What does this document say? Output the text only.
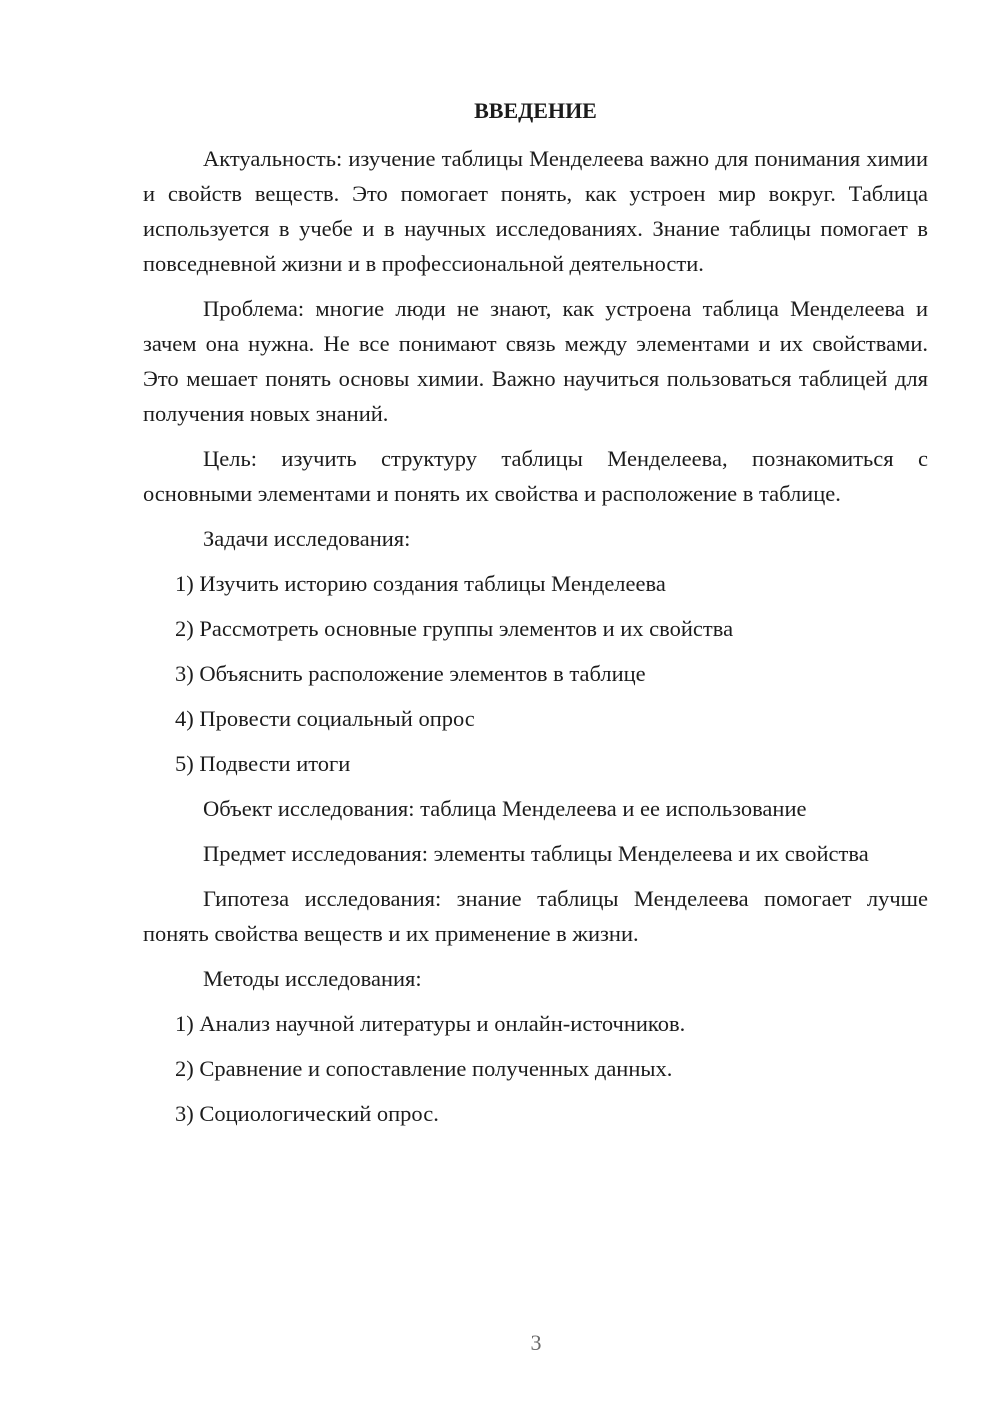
ВВЕДЕНИЕ

Актуальность: изучение таблицы Менделеева важно для понимания химии и свойств веществ. Это помогает понять, как устроен мир вокруг. Таблица используется в учебе и в научных исследованиях. Знание таблицы помогает в повседневной жизни и в профессиональной деятельности.

Проблема: многие люди не знают, как устроена таблица Менделеева и зачем она нужна. Не все понимают связь между элементами и их свойствами. Это мешает понять основы химии. Важно научиться пользоваться таблицей для получения новых знаний.

Цель: изучить структуру таблицы Менделеева, познакомиться с основными элементами и понять их свойства и расположение в таблице.

Задачи исследования:
1) Изучить историю создания таблицы Менделеева
2) Рассмотреть основные группы элементов и их свойства
3) Объяснить расположение элементов в таблице
4) Провести социальный опрос
5) Подвести итоги
Объект исследования: таблица Менделеева и ее использование

Предмет исследования: элементы таблицы Менделеева и их свойства

Гипотеза исследования: знание таблицы Менделеева помогает лучше понять свойства веществ и их применение в жизни.

Методы исследования:
1) Анализ научной литературы и онлайн-источников.
2) Сравнение и сопоставление полученных данных.
3) Социологический опрос.
3
